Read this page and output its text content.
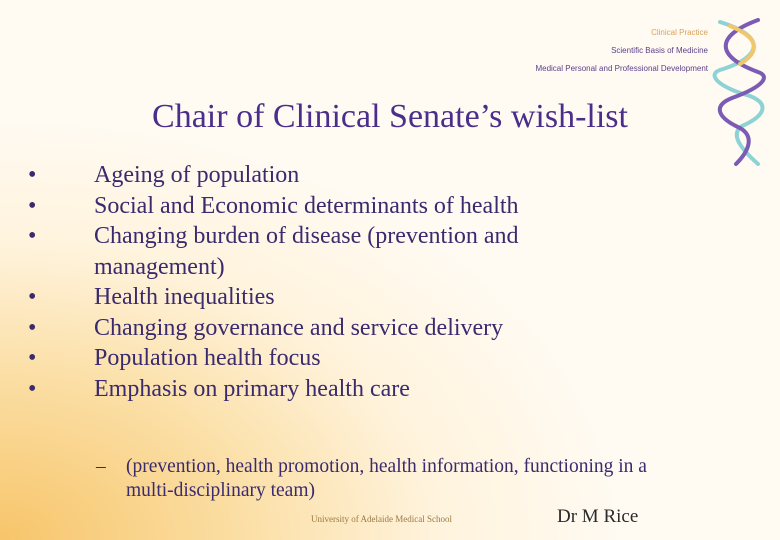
Clinical Practice
Scientific Basis of Medicine
Medical Personal and Professional Development
Chair of Clinical Senate’s wish-list
•	Ageing of population
•	Social and Economic determinants of health
•	Changing burden of disease (prevention and management)
•	Health inequalities
•	Changing governance and service delivery
•	Population health focus
•	Emphasis on primary health care
–	(prevention, health promotion, health information, functioning in a multi-disciplinary team)
University of Adelaide Medical School	Dr M Rice
